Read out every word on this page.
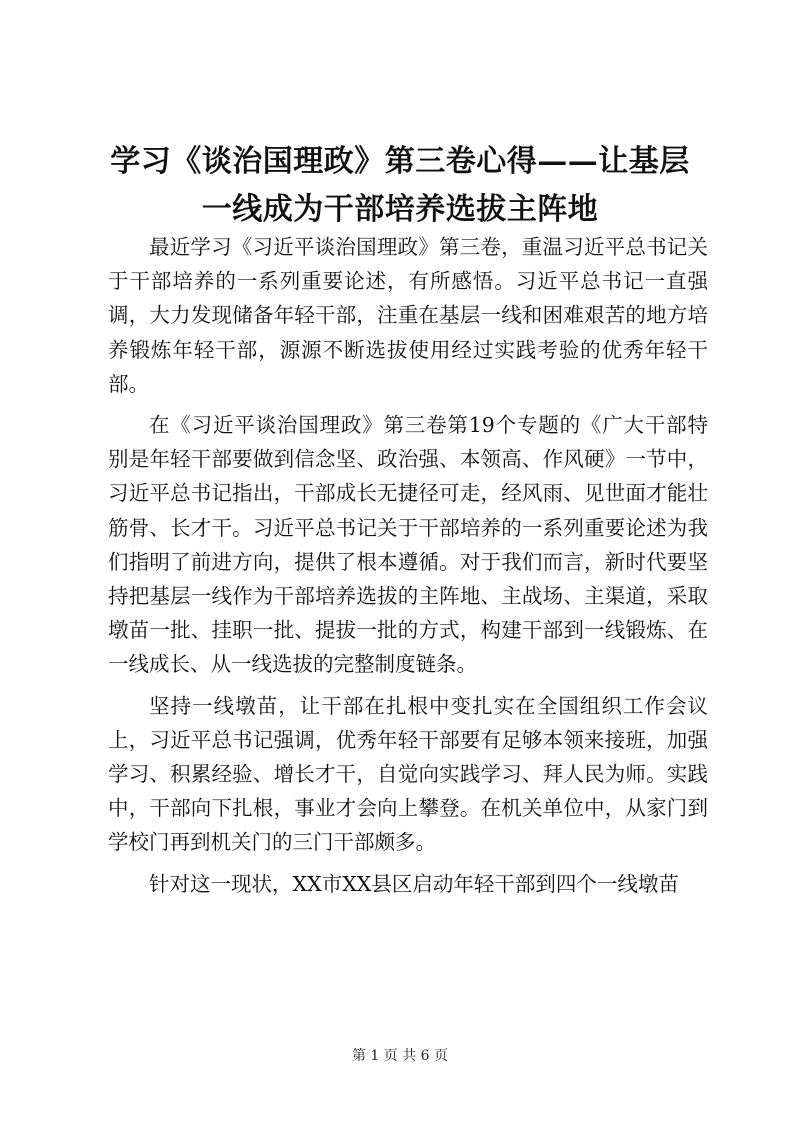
学习《谈治国理政》第三卷心得——让基层一线成为干部培养选拔主阵地

最近学习《习近平谈治国理政》第三卷，重温习近平总书记关于干部培养的一系列重要论述，有所感悟。习近平总书记一直强调，大力发现储备年轻干部，注重在基层一线和困难艰苦的地方培养锻炼年轻干部，源源不断选拔使用经过实践考验的优秀年轻干部。

在《习近平谈治国理政》第三卷第19个专题的《广大干部特别是年轻干部要做到信念坚、政治强、本领高、作风硬》一节中，习近平总书记指出，干部成长无捷径可走，经风雨、见世面才能壮筋骨、长才干。习近平总书记关于干部培养的一系列重要论述为我们指明了前进方向，提供了根本遵循。对于我们而言，新时代要坚持把基层一线作为干部培养选拔的主阵地、主战场、主渠道，采取墩苗一批、挂职一批、提拔一批的方式，构建干部到一线锻炼、在一线成长、从一线选拔的完整制度链条。

坚持一线墩苗，让干部在扎根中变扎实在全国组织工作会议上，习近平总书记强调，优秀年轻干部要有足够本领来接班，加强学习、积累经验、增长才干，自觉向实践学习、拜人民为师。实践中，干部向下扎根，事业才会向上攀登。在机关单位中，从家门到学校门再到机关门的三门干部颇多。

针对这一现状，XX市XX县区启动年轻干部到四个一线墩苗

第 1 页 共 6 页
